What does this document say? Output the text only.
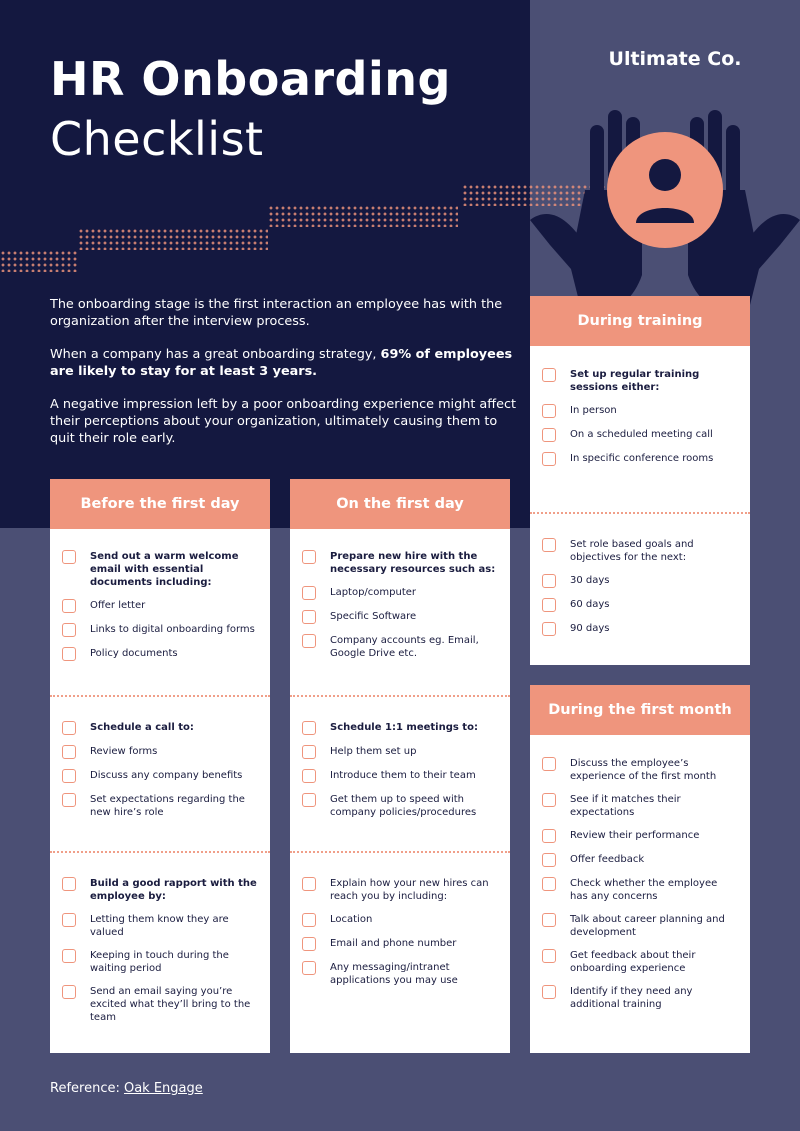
HR Onboarding
Checklist
Ultimate Co.

The onboarding stage is the first interaction an employee has with the organization after the interview process.

When a company has a great onboarding strategy, 69% of employees are likely to stay for at least 3 years.

A negative impression left by a poor onboarding experience might affect their perceptions about your organization, ultimately causing them to quit their role early.

Before the first day
Send out a warm welcome email with essential documents including:
Offer letter
Links to digital onboarding forms
Policy documents
Schedule a call to:
Review forms
Discuss any company benefits
Set expectations regarding the new hire’s role
Build a good rapport with the employee by:
Letting them know they are valued
Keeping in touch during the waiting period
Send an email saying you’re excited what they’ll bring to the team
On the first day
Prepare new hire with the necessary resources such as:
Laptop/computer
Specific Software
Company accounts eg. Email, Google Drive etc.
Schedule 1:1 meetings to:
Help them set up
Introduce them to their team
Get them up to speed with company policies/procedures
Explain how your new hires can reach you by including:
Location
Email and phone number
Any messaging/intranet applications you may use
During training
Set up regular training sessions either:
In person
On a scheduled meeting call
In specific conference rooms
Set role based goals and objectives for the next:
30 days
60 days
90 days
During the first month
Discuss the employee’s experience of the first month
See if it matches their expectations
Review their performance
Offer feedback
Check whether the employee has any concerns
Talk about career planning and development
Get feedback about their onboarding experience
Identify if they need any additional training
Reference: Oak Engage
